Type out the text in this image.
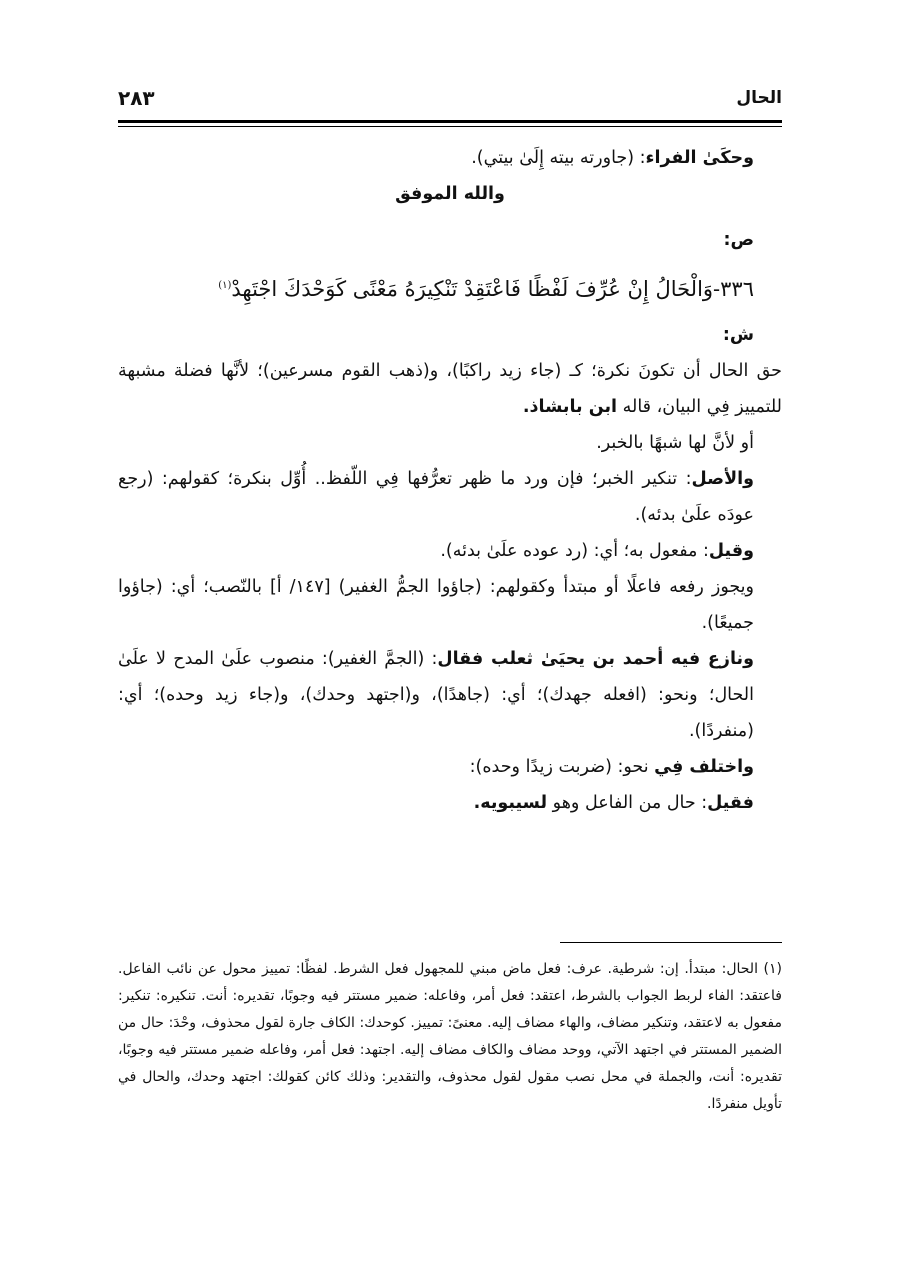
الحال
٢٨٣

وحكَىٰ الفراء: (جاورته بيته إِلَىٰ بيتي).

والله الموفق

ص:

٣٣٦-وَالْحَالُ إِنْ عُرِّفَ لَفْظًا فَاعْتَقِدْ تَنْكِيرَهُ مَعْنًى كَوَحْدَكَ اجْتَهِدْ$^{(١)}$

ش:

حق الحال أن تكونَ نكرة؛ كـ (جاء زيد راكبًا)، و(ذهب القوم مسرعين)؛ لأنَّها فضلة مشبهة للتمييز فِي البيان، قاله ابن بابشاذ.

أو لأنَّ لها شبهًا بالخبر.

والأصل: تنكير الخبر؛ فإن ورد ما ظهر تعرُّفها فِي اللّفظ.. أُوِّل بنكرة؛ كقولهم: (رجع عودَه علَىٰ بدئه).

وقيل: مفعول به؛ أي: (رد عوده علَىٰ بدئه).

ويجوز رفعه فاعلًا أو مبتدأ وكقولهم: (جاؤوا الجمُّ الغفير) [١٤٧/ أ] بالنّصب؛ أي: (جاؤوا جميعًا).

ونازع فيه أحمد بن يحيَىٰ ثعلب فقال: (الجمَّ الغفير): منصوب علَىٰ المدح لا علَىٰ الحال؛ ونحو: (افعله جهدك)؛ أي: (جاهدًا)، و(اجتهد وحدك)، و(جاء زيد وحده)؛ أي: (منفردًا).

واختلف فِي نحو: (ضربت زيدًا وحده):

فقيل: حال من الفاعل وهو لسيبويه.

(١) الحال: مبتدأ. إن: شرطية. عرف: فعل ماض مبني للمجهول فعل الشرط. لفظًا: تمييز محول عن نائب الفاعل. فاعتقد: الفاء لربط الجواب بالشرط، اعتقد: فعل أمر، وفاعله: ضمير مستتر فيه وجوبًا، تقديره: أنت. تنكيره: تنكير: مفعول به لاعتقد، وتنكير مضاف، والهاء مضاف إليه. معنىً: تمييز. كوحدك: الكاف جارة لقول محذوف، وحْدَ: حال من الضمير المستتر في اجتهد الآتي، ووحد مضاف والكاف مضاف إليه. اجتهد: فعل أمر، وفاعله ضمير مستتر فيه وجوبًا، تقديره: أنت، والجملة في محل نصب مقول لقول محذوف، والتقدير: وذلك كائن كقولك: اجتهد وحدك، والحال في تأويل منفردًا.
